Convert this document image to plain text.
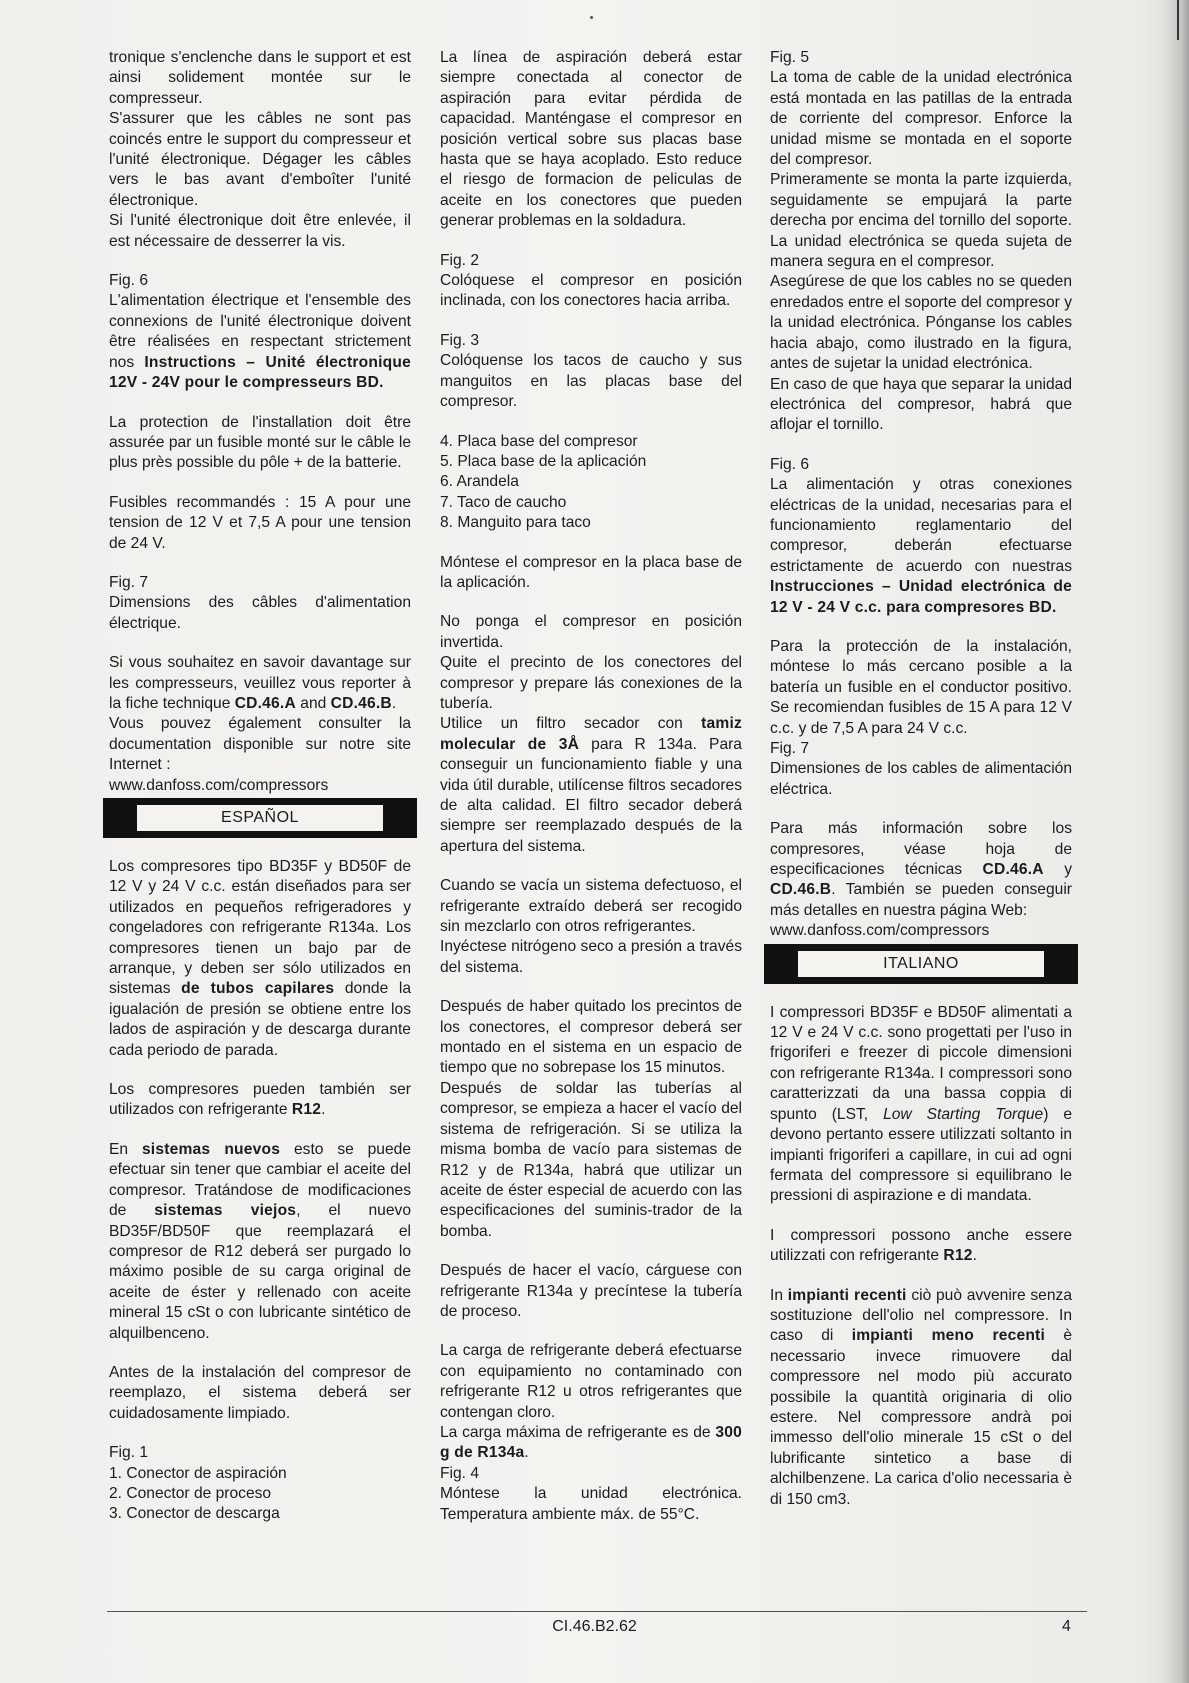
tronique s'enclenche dans le support et est ainsi solidement montée sur le compresseur.

S'assurer que les câbles ne sont pas coincés entre le support du compresseur et l'unité électronique. Dégager les câbles vers le bas avant d'emboîter l'unité électronique.

Si l'unité électronique doit être enlevée, il est nécessaire de desserrer la vis.

Fig. 6

L'alimentation électrique et l'ensemble des connexions de l'unité électronique doivent être réalisées en respectant strictement nos Instructions – Unité électronique 12V - 24V pour le compresseurs BD.

La protection de l'installation doit être assurée par un fusible monté sur le câble le plus près possible du pôle + de la batterie.

Fusibles recommandés : 15 A pour une tension de 12 V et 7,5 A pour une tension de 24 V.

Fig. 7

Dimensions des câbles d'alimentation électrique.

Si vous souhaitez en savoir davantage sur les compresseurs, veuillez vous reporter à la fiche technique CD.46.A and CD.46.B.

Vous pouvez également consulter la documentation disponible sur notre site Internet :

www.danfoss.com/compressors

ESPAÑOL

Los compresores tipo BD35F y BD50F de 12 V y 24 V c.c. están diseñados para ser utilizados en pequeños refrigeradores y congeladores con refrigerante R134a. Los compresores tienen un bajo par de arranque, y deben ser sólo utilizados en sistemas de tubos capilares donde la igualación de presión se obtiene entre los lados de aspiración y de descarga durante cada periodo de parada.

Los compresores pueden también ser utilizados con refrigerante R12.

En sistemas nuevos esto se puede efectuar sin tener que cambiar el aceite del compresor. Tratándose de modificaciones de sistemas viejos, el nuevo BD35F/BD50F que reemplazará el compresor de R12 deberá ser purgado lo máximo posible de su carga original de aceite de éster y rellenado con aceite mineral 15 cSt o con lubricante sintético de alquilbenceno.

Antes de la instalación del compresor de reemplazo, el sistema deberá ser cuidadosamente limpiado.

Fig. 1

1. Conector de aspiración
2. Conector de proceso
3. Conector de descarga

La línea de aspiración deberá estar siempre conectada al conector de aspiración para evitar pérdida de capacidad. Manténgase el compresor en posición vertical sobre sus placas base hasta que se haya acoplado. Esto reduce el riesgo de formacion de peliculas de aceite en los conectores que pueden generar problemas en la soldadura.

Fig. 2

Colóquese el compresor en posición inclinada, con los conectores hacia arriba.

Fig. 3

Colóquense los tacos de caucho y sus manguitos en las placas base del compresor.

4. Placa base del compresor
5. Placa base de la aplicación
6. Arandela
7. Taco de caucho
8. Manguito para taco

Móntese el compresor en la placa base de la aplicación.

No ponga el compresor en posición invertida.

Quite el precinto de los conectores del compresor y prepare lás conexiones de la tubería.

Utilice un filtro secador con tamiz molecular de 3Å para R 134a. Para conseguir un funcionamiento fiable y una vida útil durable, utilícense filtros secadores de alta calidad. El filtro secador deberá siempre ser reemplazado después de la apertura del sistema.

Cuando se vacía un sistema defectuoso, el refrigerante extraído deberá ser recogido sin mezclarlo con otros refrigerantes.

Inyéctese nitrógeno seco a presión a través del sistema.

Después de haber quitado los precintos de los conectores, el compresor deberá ser montado en el sistema en un espacio de tiempo que no sobrepase los 15 minutos.

Después de soldar las tuberías al compresor, se empieza a hacer el vacío del sistema de refrigeración. Si se utiliza la misma bomba de vacío para sistemas de R12 y de R134a, habrá que utilizar un aceite de éster especial de acuerdo con las especificaciones del suminis-trador de la bomba.

Después de hacer el vacío, cárguese con refrigerante R134a y precíntese la tubería de proceso.

La carga de refrigerante deberá efectuarse con equipamiento no contaminado con refrigerante R12 u otros refrigerantes que contengan cloro.

La carga máxima de refrigerante es de 300 g de R134a.

Fig. 4

Móntese la unidad electrónica. Temperatura ambiente máx. de 55°C.

Fig. 5

La toma de cable de la unidad electrónica está montada en las patillas de la entrada de corriente del compresor. Enforce la unidad misme se montada en el soporte del compresor.

Primeramente se monta la parte izquierda, seguidamente se empujará la parte derecha por encima del tornillo del soporte. La unidad electrónica se queda sujeta de manera segura en el compresor.

Asegúrese de que los cables no se queden enredados entre el soporte del compresor y la unidad electrónica. Pónganse los cables hacia abajo, como ilustrado en la figura, antes de sujetar la unidad electrónica.

En caso de que haya que separar la unidad electrónica del compresor, habrá que aflojar el tornillo.

Fig. 6

La alimentación y otras conexiones eléctricas de la unidad, necesarias para el funcionamiento reglamentario del compresor, deberán efectuarse estrictamente de acuerdo con nuestras Instrucciones – Unidad electrónica de 12 V - 24 V c.c. para compresores BD.

Para la protección de la instalación, móntese lo más cercano posible a la batería un fusible en el conductor positivo. Se recomiendan fusibles de 15 A para 12 V c.c. y de 7,5 A para 24 V c.c.

Fig. 7

Dimensiones de los cables de alimentación eléctrica.

Para más información sobre los compresores, véase hoja de especificaciones técnicas CD.46.A y CD.46.B. También se pueden conseguir más detalles en nuestra página Web:

www.danfoss.com/compressors

ITALIANO

I compressori BD35F e BD50F alimentati a 12 V e 24 V c.c. sono progettati per l'uso in frigoriferi e freezer di piccole dimensioni con refrigerante R134a. I compressori sono caratterizzati da una bassa coppia di spunto (LST, Low Starting Torque) e devono pertanto essere utilizzati soltanto in impianti frigoriferi a capillare, in cui ad ogni fermata del compressore si equilibrano le pressioni di aspirazione e di mandata.

I compressori possono anche essere utilizzati con refrigerante R12.

In impianti recenti ciò può avvenire senza sostituzione dell'olio nel compressore. In caso di impianti meno recenti è necessario invece rimuovere dal compressore nel modo più accurato possibile la quantità originaria di olio estere. Nel compressore andrà poi immesso dell'olio minerale 15 cSt o del lubrificante sintetico a base di alchilbenzene. La carica d'olio necessaria è di 150 cm3.

CI.46.B2.62	4
